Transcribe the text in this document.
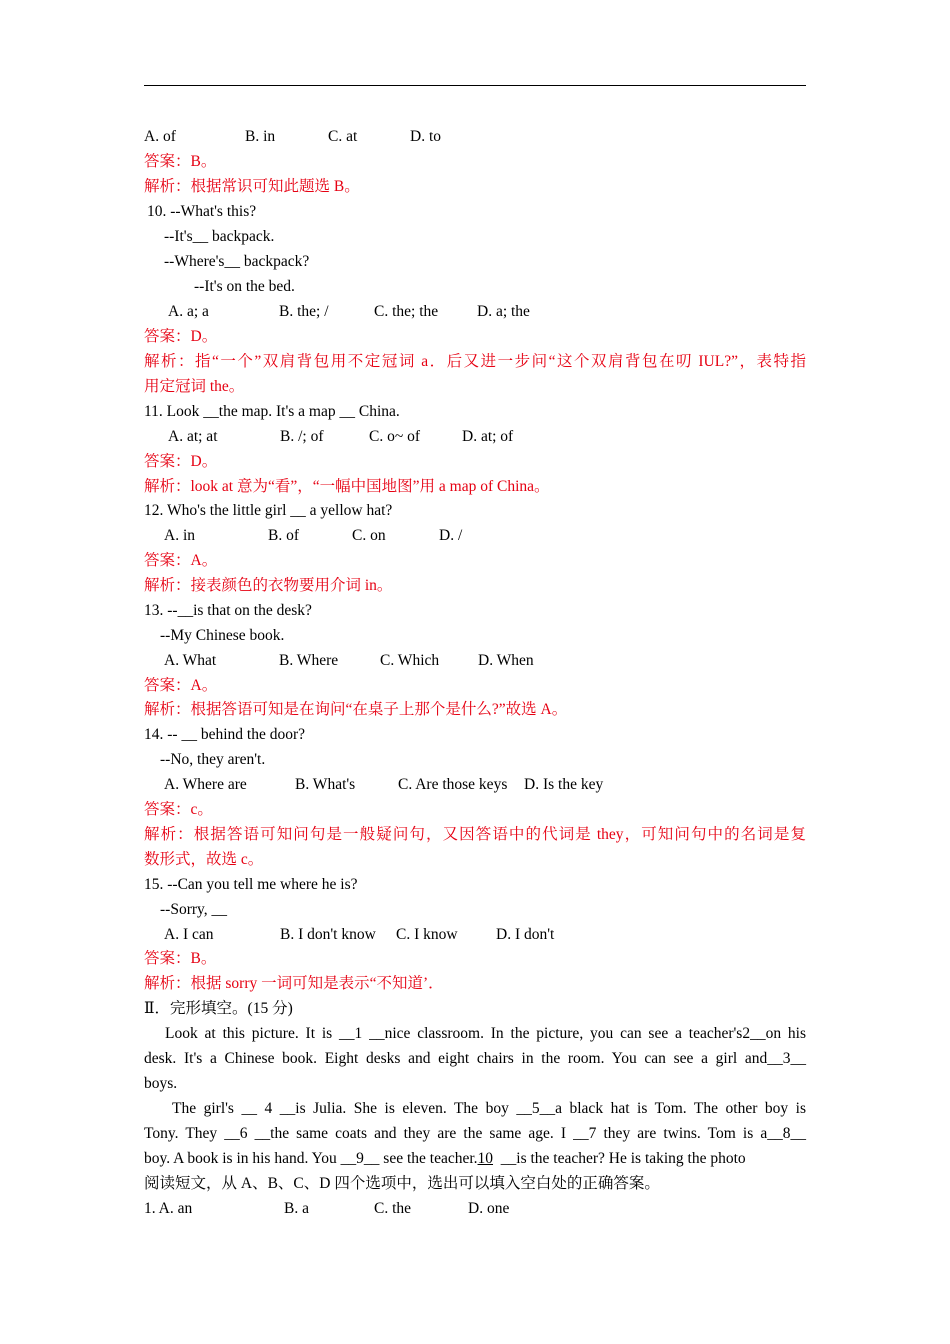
A. of	B. in	C. at	D. to
答案：B。
解析：根据常识可知此题选 B。
10. --What's this?
--It's__ backpack.
--Where's__ backpack?
--It's on the bed.
A. a; a	B. the; /	C. the; the	D. a; the
答案：D。
解析：指“一个”双肩背包用不定冠词 a．后又进一步问“这个双肩背包在叨 IUL?”，表特指
用定冠词 the。
11. Look __the map. It's a map __ China.
A. at; at	B. /; of	C. o~ of	D. at; of
答案：D。
解析：look at 意为“看”，“一幅中国地图”用 a map of China。
12. Who's the little girl __ a yellow hat?
A. in	B. of	C. on	D. /
答案：A。
解析：接表颜色的衣物要用介词 in。
13. --__is that on the desk?
--My Chinese book.
A. What	B. Where	C. Which	D. When
答案：A。
解析：根据答语可知是在询问“在桌子上那个是什么?”故选 A。
14. -- __ behind the door?
--No, they aren't.
A. Where are	B. What's	C. Are those keys D. Is the key
答案：c。
解析：根据答语可知问句是一般疑问句，又因答语中的代词是 they，可知问句中的名词是复
数形式，故选 c。
15. --Can you tell me where he is?
--Sorry, __
A. I can	B. I don't know C. I know D. I don't
答案：B。
解析：根据 sorry 一词可知是表示“不知道’．
Ⅱ．完形填空。(15 分)
Look at this picture. It is __1 __nice classroom. In the picture, you can see a teacher's2__on his
desk. It's a Chinese book. Eight desks and eight chairs in the room. You can see a girl and__3__
boys.
The girl's __ 4 __is Julia. She is eleven. The boy __5__a black hat is Tom. The other boy is
Tony. They __6 __the same coats and they are the same age. I __7 they are twins. Tom is a__8__
boy. A book is in his hand. You __9__ see the teacher.10  __is the teacher? He is taking the photo
阅读短文，从 A、B、C、D 四个选项中，选出可以填入空白处的正确答案。
1. A. an	B. a	C. the	D. one
